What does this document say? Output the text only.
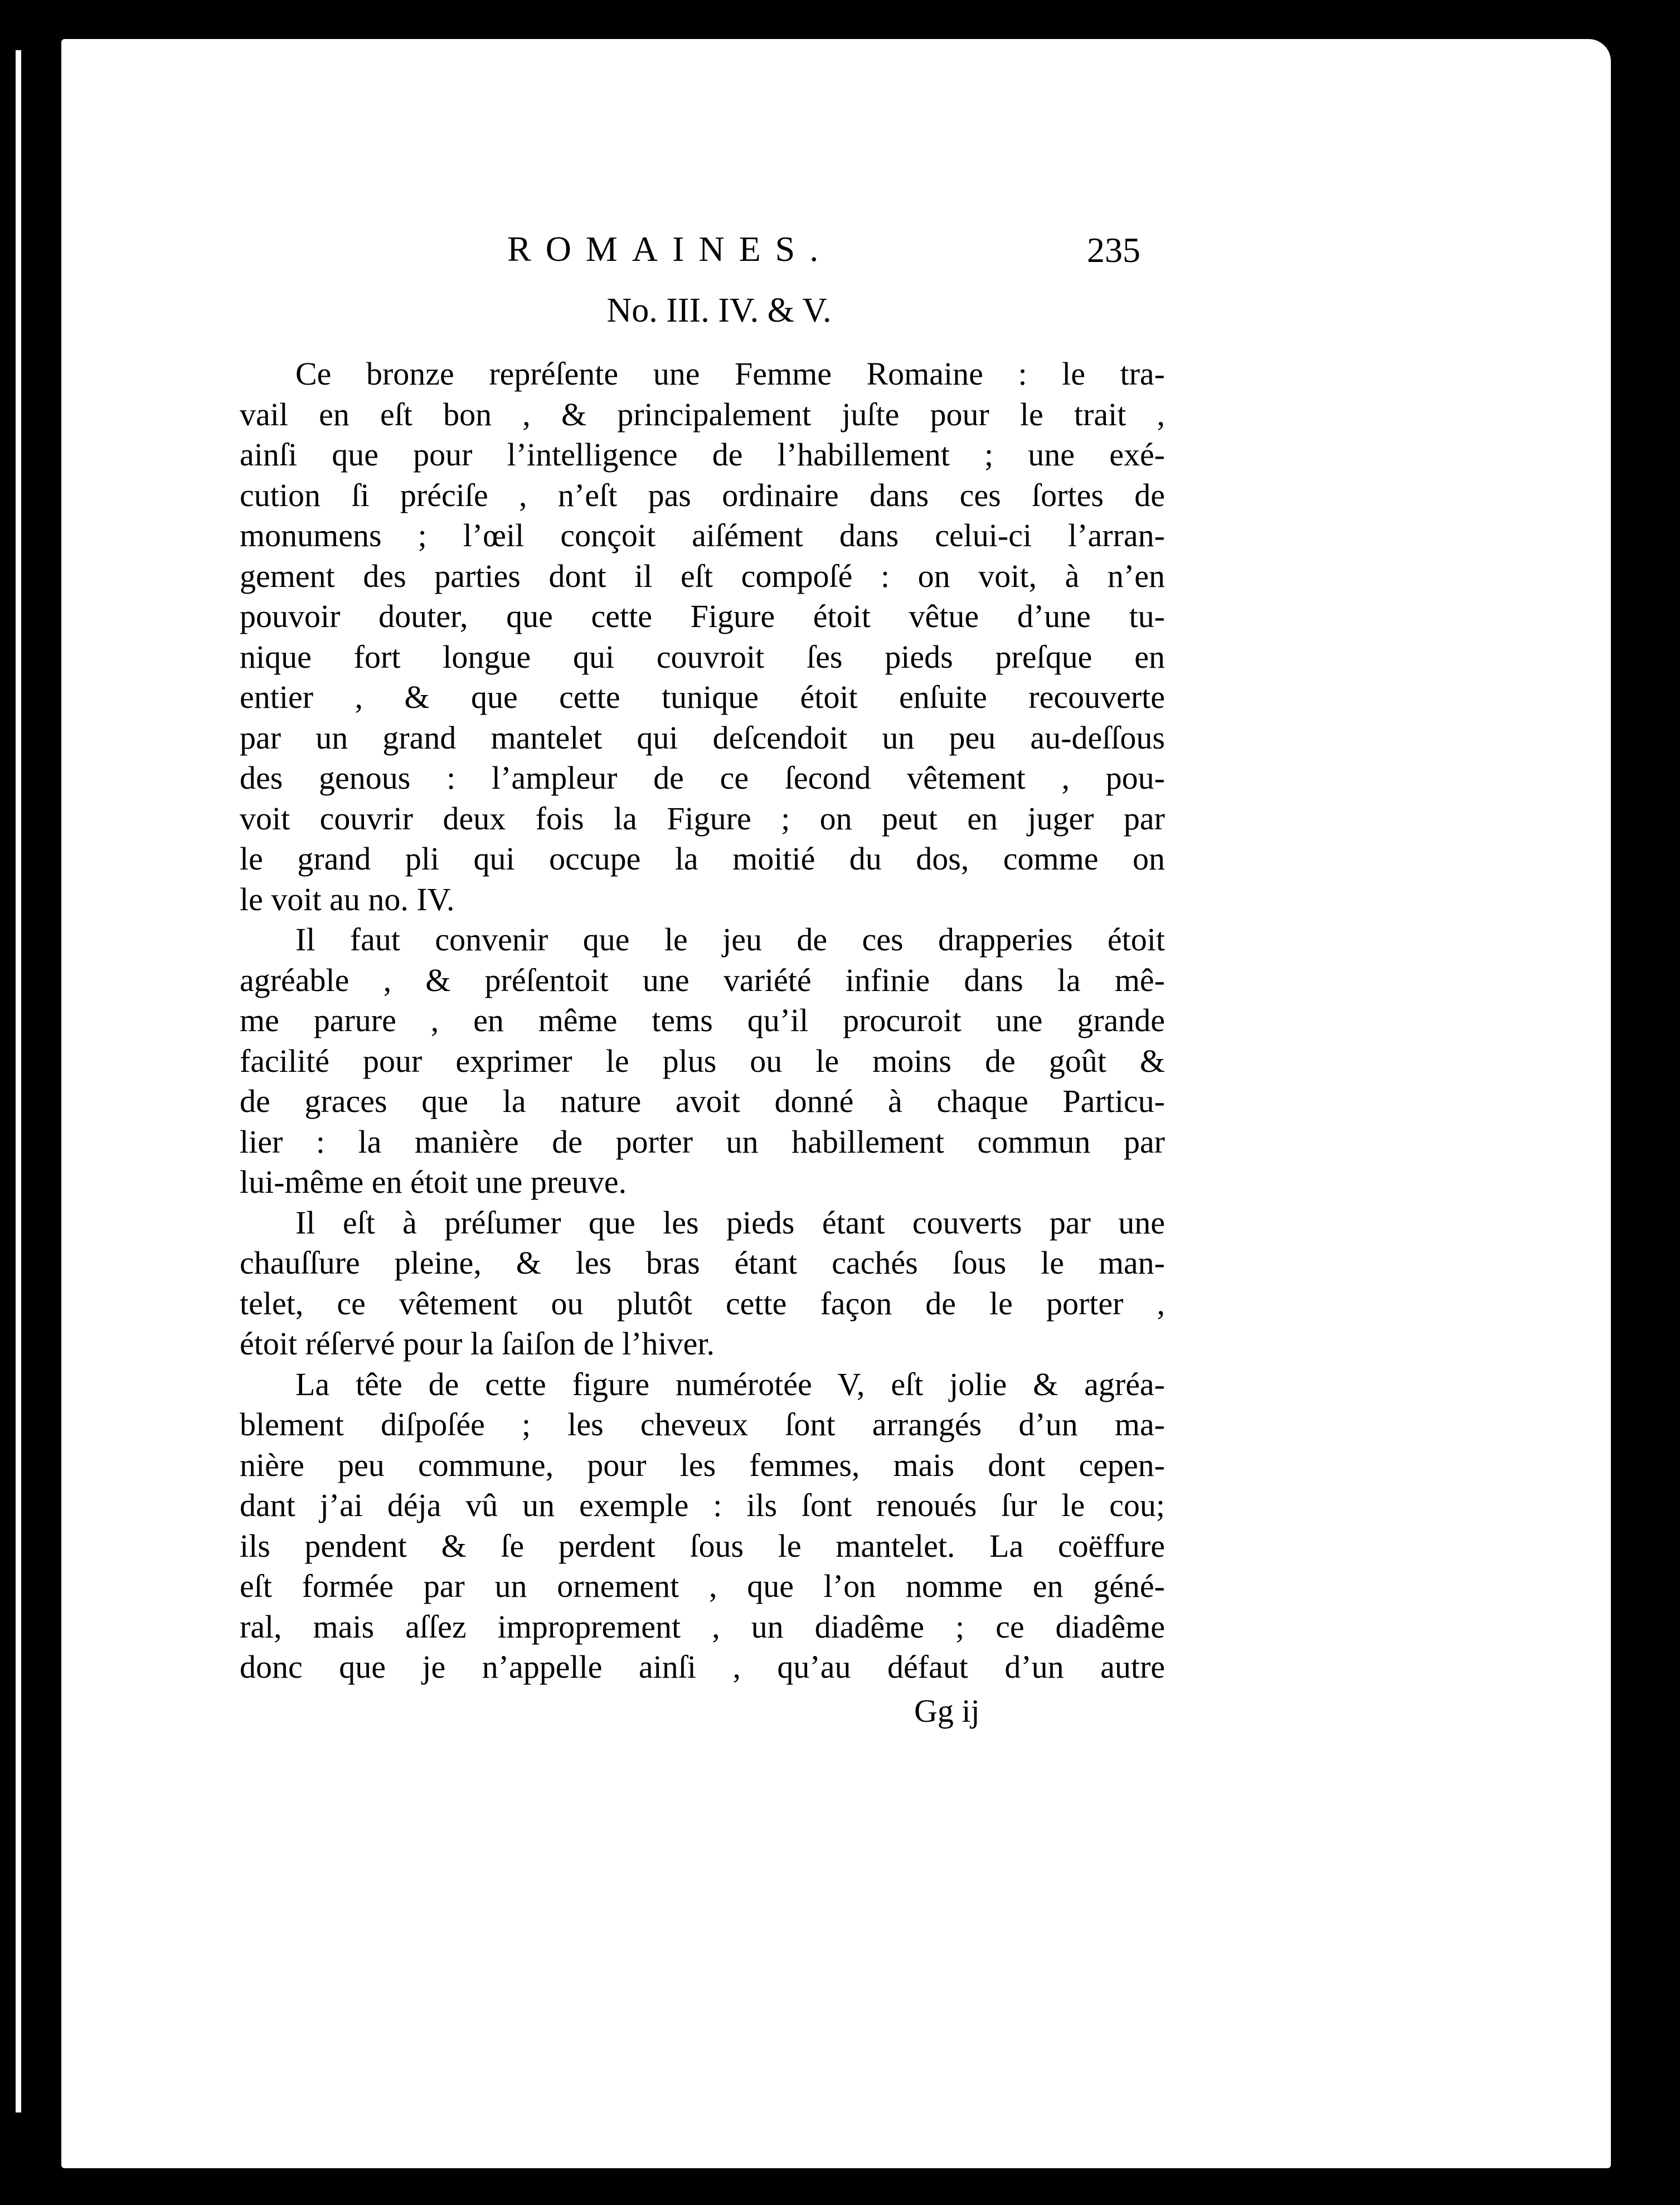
ROMAINES.	235
No. III. IV. & V.
Ce bronze repréſente une Femme Romaine : le tra-
vail en eſt bon , & principalement juſte pour le trait ,
ainſi que pour l’intelligence de l’habillement ; une exé-
cution ſi préciſe , n’eſt pas ordinaire dans ces ſortes de
monumens ; l’œil conçoit aiſément dans celui-ci l’arran-
gement des parties dont il eſt compoſé : on voit, à n’en
pouvoir douter, que cette Figure étoit vêtue d’une tu-
nique fort longue qui couvroit ſes pieds preſque en
entier , & que cette tunique étoit enſuite recouverte
par un grand mantelet qui deſcendoit un peu au-deſſous
des genous : l’ampleur de ce ſecond vêtement , pou-
voit couvrir deux fois la Figure ; on peut en juger par
le grand pli qui occupe la moitié du dos, comme on
le voit au no. IV.
Il faut convenir que le jeu de ces drapperies étoit
agréable , & préſentoit une variété infinie dans la mê-
me parure , en même tems qu’il procuroit une grande
facilité pour exprimer le plus ou le moins de goût &
de graces que la nature avoit donné à chaque Particu-
lier : la manière de porter un habillement commun par
lui-même en étoit une preuve.
Il eſt à préſumer que les pieds étant couverts par une
chauſſure pleine, & les bras étant cachés ſous le man-
telet, ce vêtement ou plutôt cette façon de le porter ,
étoit réſervé pour la ſaiſon de l’hiver.
La tête de cette figure numérotée V, eſt jolie & agréa-
blement diſpoſée ; les cheveux ſont arrangés d’un ma-
nière peu commune, pour les femmes, mais dont cepen-
dant j’ai déja vû un exemple : ils ſont renoués ſur le cou;
ils pendent & ſe perdent ſous le mantelet. La coëffure
eſt formée par un ornement , que l’on nomme en géné-
ral, mais aſſez improprement , un diadême ; ce diadême
donc que je n’appelle ainſi , qu’au défaut d’un autre
Gg ij
